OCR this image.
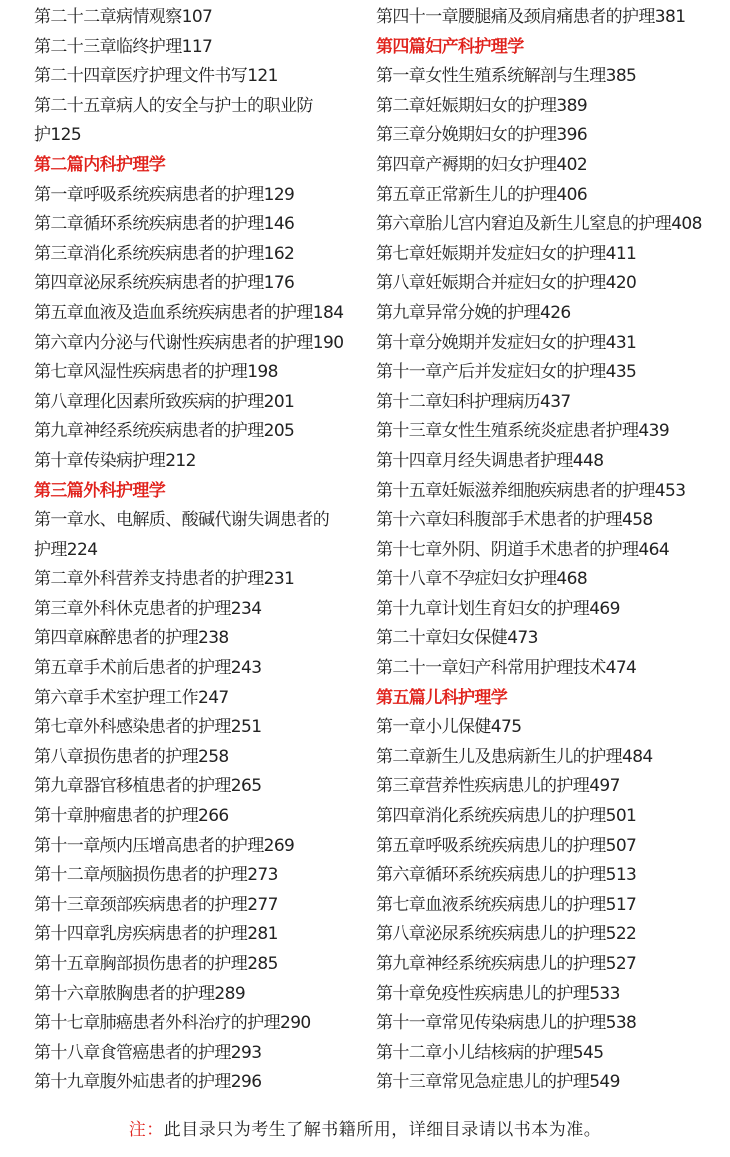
第二十二章病情观察107
第二十三章临终护理117
第二十四章医疗护理文件书写121
第二十五章病人的安全与护士的职业防
护125
第二篇内科护理学
第一章呼吸系统疾病患者的护理129
第二章循环系统疾病患者的护理146
第三章消化系统疾病患者的护理162
第四章泌尿系统疾病患者的护理176
第五章血液及造血系统疾病患者的护理184
第六章内分泌与代谢性疾病患者的护理190
第七章风湿性疾病患者的护理198
第八章理化因素所致疾病的护理201
第九章神经系统疾病患者的护理205
第十章传染病护理212
第三篇外科护理学
第一章水、电解质、酸碱代谢失调患者的
护理224
第二章外科营养支持患者的护理231
第三章外科休克患者的护理234
第四章麻醉患者的护理238
第五章手术前后患者的护理243
第六章手术室护理工作247
第七章外科感染患者的护理251
第八章损伤患者的护理258
第九章器官移植患者的护理265
第十章肿瘤患者的护理266
第十一章颅内压增高患者的护理269
第十二章颅脑损伤患者的护理273
第十三章颈部疾病患者的护理277
第十四章乳房疾病患者的护理281
第十五章胸部损伤患者的护理285
第十六章脓胸患者的护理289
第十七章肺癌患者外科治疗的护理290
第十八章食管癌患者的护理293
第十九章腹外疝患者的护理296
第四十一章腰腿痛及颈肩痛患者的护理381
第四篇妇产科护理学
第一章女性生殖系统解剖与生理385
第二章妊娠期妇女的护理389
第三章分娩期妇女的护理396
第四章产褥期的妇女护理402
第五章正常新生儿的护理406
第六章胎儿宫内窘迫及新生儿窒息的护理408
第七章妊娠期并发症妇女的护理411
第八章妊娠期合并症妇女的护理420
第九章异常分娩的护理426
第十章分娩期并发症妇女的护理431
第十一章产后并发症妇女的护理435
第十二章妇科护理病历437
第十三章女性生殖系统炎症患者护理439
第十四章月经失调患者护理448
第十五章妊娠滋养细胞疾病患者的护理453
第十六章妇科腹部手术患者的护理458
第十七章外阴、阴道手术患者的护理464
第十八章不孕症妇女护理468
第十九章计划生育妇女的护理469
第二十章妇女保健473
第二十一章妇产科常用护理技术474
第五篇儿科护理学
第一章小儿保健475
第二章新生儿及患病新生儿的护理484
第三章营养性疾病患儿的护理497
第四章消化系统疾病患儿的护理501
第五章呼吸系统疾病患儿的护理507
第六章循环系统疾病患儿的护理513
第七章血液系统疾病患儿的护理517
第八章泌尿系统疾病患儿的护理522
第九章神经系统疾病患儿的护理527
第十章免疫性疾病患儿的护理533
第十一章常见传染病患儿的护理538
第十二章小儿结核病的护理545
第十三章常见急症患儿的护理549
注：此目录只为考生了解书籍所用，详细目录请以书本为准。
